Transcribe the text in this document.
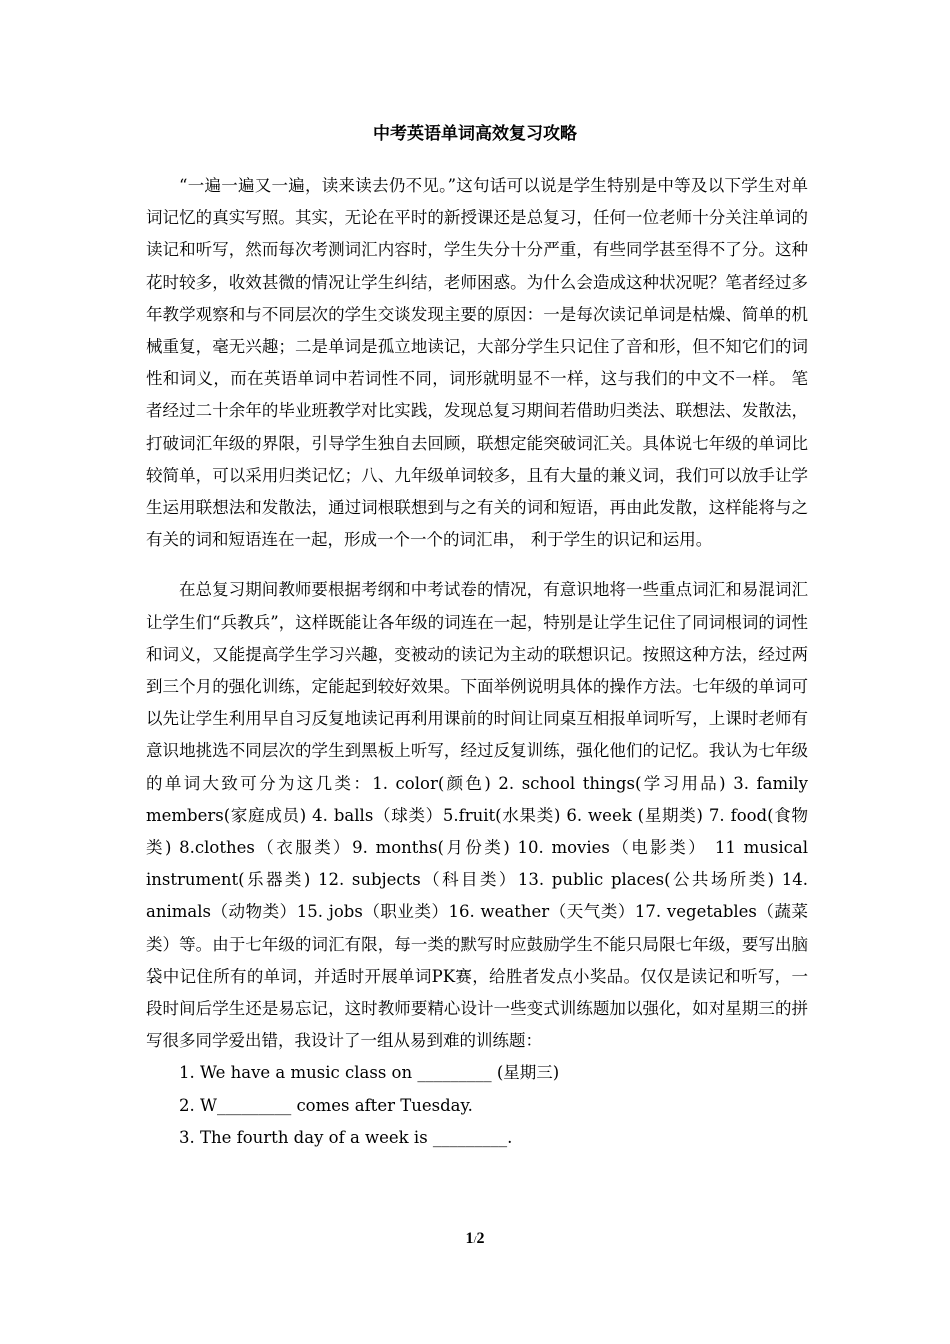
中考英语单词高效复习攻略

“一遍一遍又一遍，读来读去仍不见。”这句话可以说是学生特别是中等及以下学生对单词记忆的真实写照。其实，无论在平时的新授课还是总复习，任何一位老师十分关注单词的读记和听写，然而每次考测词汇内容时，学生失分十分严重，有些同学甚至得不了分。这种花时较多，收效甚微的情况让学生纠结，老师困惑。为什么会造成这种状况呢？笔者经过多年教学观察和与不同层次的学生交谈发现主要的原因：一是每次读记单词是枯燥、简单的机械重复，毫无兴趣；二是单词是孤立地读记，大部分学生只记住了音和形，但不知它们的词性和词义，而在英语单词中若词性不同，词形就明显不一样，这与我们的中文不一样。 笔者经过二十余年的毕业班教学对比实践，发现总复习期间若借助归类法、联想法、发散法，打破词汇年级的界限，引导学生独自去回顾，联想定能突破词汇关。具体说七年级的单词比较简单，可以采用归类记忆；八、九年级单词较多，且有大量的兼义词，我们可以放手让学生运用联想法和发散法，通过词根联想到与之有关的词和短语，再由此发散，这样能将与之有关的词和短语连在一起，形成一个一个的词汇串， 利于学生的识记和运用。

在总复习期间教师要根据考纲和中考试卷的情况，有意识地将一些重点词汇和易混词汇让学生们“兵教兵”，这样既能让各年级的词连在一起，特别是让学生记住了同词根词的词性和词义，又能提高学生学习兴趣，变被动的读记为主动的联想识记。按照这种方法，经过两到三个月的强化训练，定能起到较好效果。下面举例说明具体的操作方法。七年级的单词可以先让学生利用早自习反复地读记再利用课前的时间让同桌互相报单词听写，上课时老师有意识地挑选不同层次的学生到黑板上听写，经过反复训练，强化他们的记忆。我认为七年级的单词大致可分为这几类：1. color(颜色) 2. school things(学习用品) 3. family members(家庭成员) 4. balls（球类）5.fruit(水果类) 6. week (星期类) 7. food(食物类) 8.clothes（衣服类）9. months(月份类) 10. movies（电影类） 11 musical instrument(乐器类) 12. subjects（科目类）13. public places(公共场所类) 14. animals（动物类）15. jobs（职业类）16. weather（天气类）17. vegetables（蔬菜类）等。由于七年级的词汇有限，每一类的默写时应鼓励学生不能只局限七年级，要写出脑袋中记住所有的单词，并适时开展单词PK赛，给胜者发点小奖品。仅仅是读记和听写，一段时间后学生还是易忘记，这时教师要精心设计一些变式训练题加以强化，如对星期三的拼写很多同学爱出错，我设计了一组从易到难的训练题：

1. We have a music class on _________ (星期三)

2. W_________ comes after Tuesday.

3. The fourth day of a week is _________.

1/2
